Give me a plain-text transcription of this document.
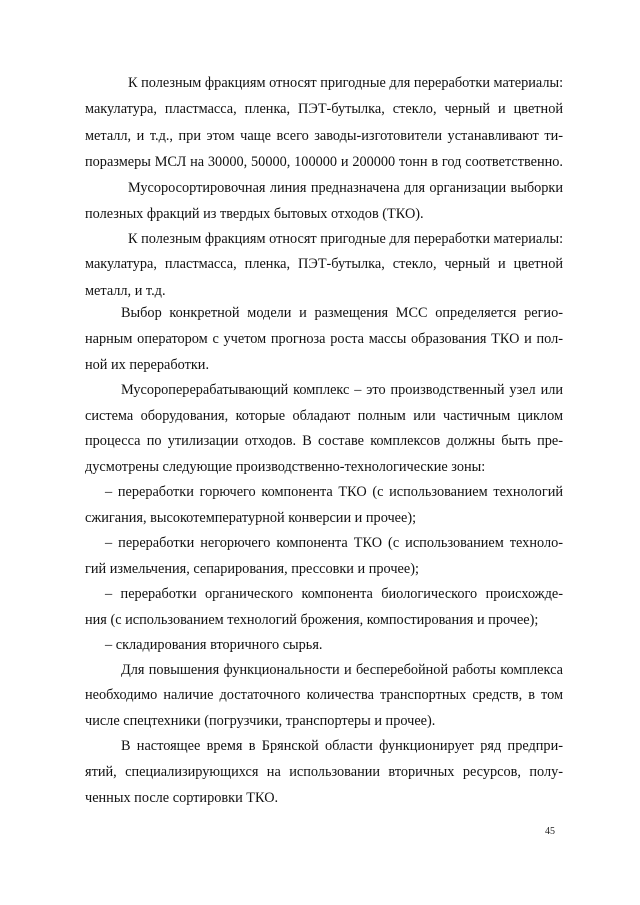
К полезным фракциям относят пригодные для переработки материалы:
макулатура, пластмасса, пленка, ПЭТ-бутылка, стекло, черный и цветной
металл, и т.д., при этом чаще всего заводы-изготовители устанавливают ти-
поразмеры МСЛ на 30000, 50000, 100000 и 200000 тонн в год соответственно.
Мусоросортировочная линия предназначена для организации выборки
полезных фракций из твердых бытовых отходов (ТКО).
К полезным фракциям относят пригодные для переработки материалы:
макулатура, пластмасса, пленка, ПЭТ-бутылка, стекло, черный и цветной
металл, и т.д.
Выбор конкретной модели и размещения МСС определяется регио-
нарным оператором с учетом прогноза роста массы образования ТКО и пол-
ной их переработки.
Мусороперерабатывающий комплекс – это производственный узел или
система оборудования, которые обладают полным или частичным циклом
процесса по утилизации отходов. В составе комплексов должны быть пре-
дусмотрены следующие производственно-технологические зоны:
– переработки горючего компонента ТКО (с использованием технологий
сжигания, высокотемпературной конверсии и прочее);
– переработки негорючего компонента ТКО (с использованием техноло-
гий измельчения, сепарирования, прессовки и прочее);
– переработки органического компонента биологического происхожде-
ния (с использованием технологий брожения, компостирования и прочее);
– складирования вторичного сырья.
Для повышения функциональности и бесперебойной работы комплекса
необходимо наличие достаточного количества транспортных средств, в том
числе спецтехники (погрузчики, транспортеры и прочее).
В настоящее время в Брянской области функционирует ряд предпри-
ятий, специализирующихся на использовании вторичных ресурсов, полу-
ченных после сортировки ТКО.
45
